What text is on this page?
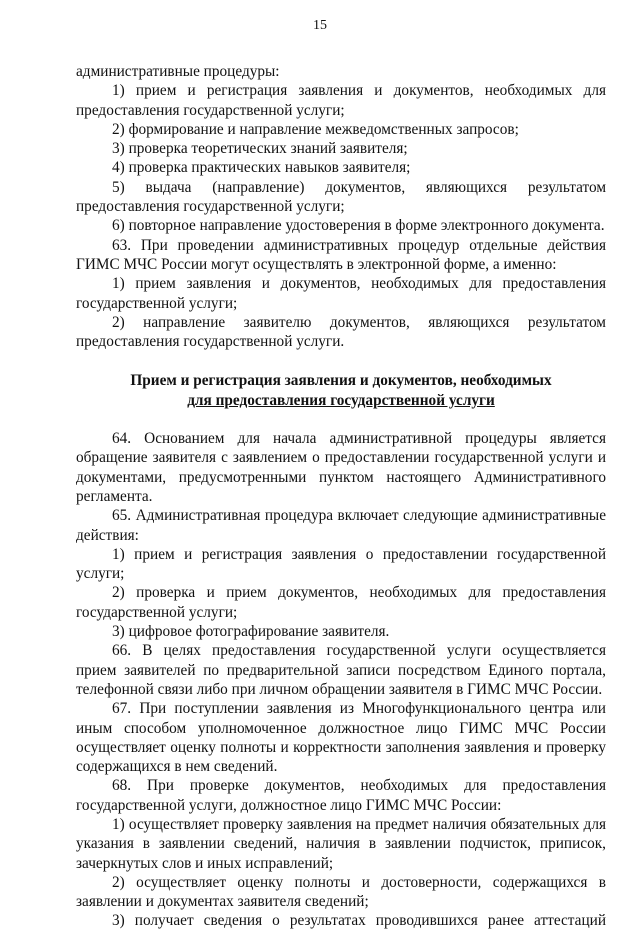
15

административные процедуры:

1) прием и регистрация заявления и документов, необходимых для предоставления государственной услуги;

2) формирование и направление межведомственных запросов;

3) проверка теоретических знаний заявителя;

4) проверка практических навыков заявителя;

5) выдача (направление) документов, являющихся результатом предоставления государственной услуги;

6) повторное направление удостоверения в форме электронного документа.

63. При проведении административных процедур отдельные действия ГИМС МЧС России могут осуществлять в электронной форме, а именно:

1) прием заявления и документов, необходимых для предоставления государственной услуги;

2) направление заявителю документов, являющихся результатом предоставления государственной услуги.

Прием и регистрация заявления и документов, необходимых
для предоставления государственной услуги

64. Основанием для начала административной процедуры является обращение заявителя с заявлением о предоставлении государственной услуги и документами, предусмотренными пунктом настоящего Административного регламента.

65. Административная процедура включает следующие административные действия:

1) прием и регистрация заявления о предоставлении государственной услуги;

2) проверка и прием документов, необходимых для предоставления государственной услуги;

3) цифровое фотографирование заявителя.

66. В целях предоставления государственной услуги осуществляется прием заявителей по предварительной записи посредством Единого портала, телефонной связи либо при личном обращении заявителя в ГИМС МЧС России.

67. При поступлении заявления из Многофункционального центра или иным способом уполномоченное должностное лицо ГИМС МЧС России осуществляет оценку полноты и корректности заполнения заявления и проверку содержащихся в нем сведений.

68. При проверке документов, необходимых для предоставления государственной услуги, должностное лицо ГИМС МЧС России:

1) осуществляет проверку заявления на предмет наличия обязательных для указания в заявлении сведений, наличия в заявлении подчисток, приписок, зачеркнутых слов и иных исправлений;

2) осуществляет оценку полноты и достоверности, содержащихся в заявлении и документах заявителя сведений;

3) получает сведения о результатах проводившихся ранее аттестаций
